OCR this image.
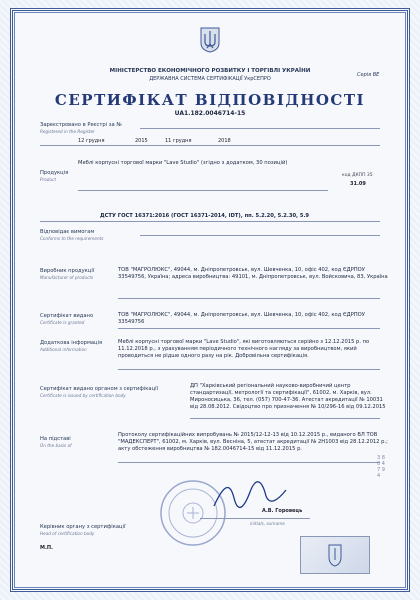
МІНІСТЕРСТВО ЕКОНОМІЧНОГО РОЗВИТКУ І ТОРГІВЛІ УКРАЇНИ
ДЕРЖАВНА СИСТЕМА СЕРТИФІКАЦІЇ УкрСЕПРО
Серія BE
СЕРТИФІКАТ ВІДПОВІДНОСТІ
UA1.182.0046714-15
Зареєстровано в Реєстрі за №
Registered in the Register
12 грудня	2015	11 грудня	2018
Продукція
Product
Меблі корпусні торгової марки "Lave Studio" (згідно з додатком, 30 позицій)
код ДКПП 35
31.09
ДСТУ ГОСТ 16371:2016 (ГОСТ 16371-2014, IDT), пп. 5.2.20, 5.2.30, 5.9
Відповідає вимогам
Conforms to the requirements
Виробник продукції
Manufacturer of products
ТОВ "МАГРОЛЮКС", 49044, м. Дніпропетровськ, вул. Шевченка, 10, офіс 402, код ЄДРПОУ 33549756, Україна; адреса виробництва: 49101, м. Дніпропетровськ, вул. Войсковича, 83, Україна
Сертифікат видано
Certificate is granted
ТОВ "МАГРОЛЮКС", 49044, м. Дніпропетровськ, вул. Шевченка, 10, офіс 402, код ЄДРПОУ 33549756
Додаткова інформація
Additional information
Меблі корпусні торгової марки "Lave Studio", які виготовляються серійно з 12.12.2015 р. по 11.12.2018 р., з урахуванням періодичного технічного нагляду за виробництвом, який проводиться не рідше одного разу на рік. Добровільна сертифікація.
Сертифікат видано органом з сертифікації
Certificate is issued by certification body
ДП "Харківський регіональний науково-виробничий центр стандартизації, метрології та сертифікації", 61002, м. Харків, вул. Мироносицька, 36, тел. (057) 700-47-36. Атестат акредитації № 10031 від 28.08.2012. Свідоцтво про призначення № 10/296-16 від 09.12.2015
На підставі
On the basis of
Протоколу сертифікаційних випробувань № 2015/12-12-13 від 10.12.2015 р., виданого ВЛ ТОВ "МАДЕКСПЕРТ", 61002, м. Харків, вул. Весніна, 5, атестат акредитації № 2Н1003 від 28.12.2012 р.; акту обстеження виробництва № 182.0046714-15 від 11.12.2015 р.
3 8 0 4 7 9 4
Керівник органу з сертифікації
Head of certification body
А.В. Горовець
initials, surname
М.П.
